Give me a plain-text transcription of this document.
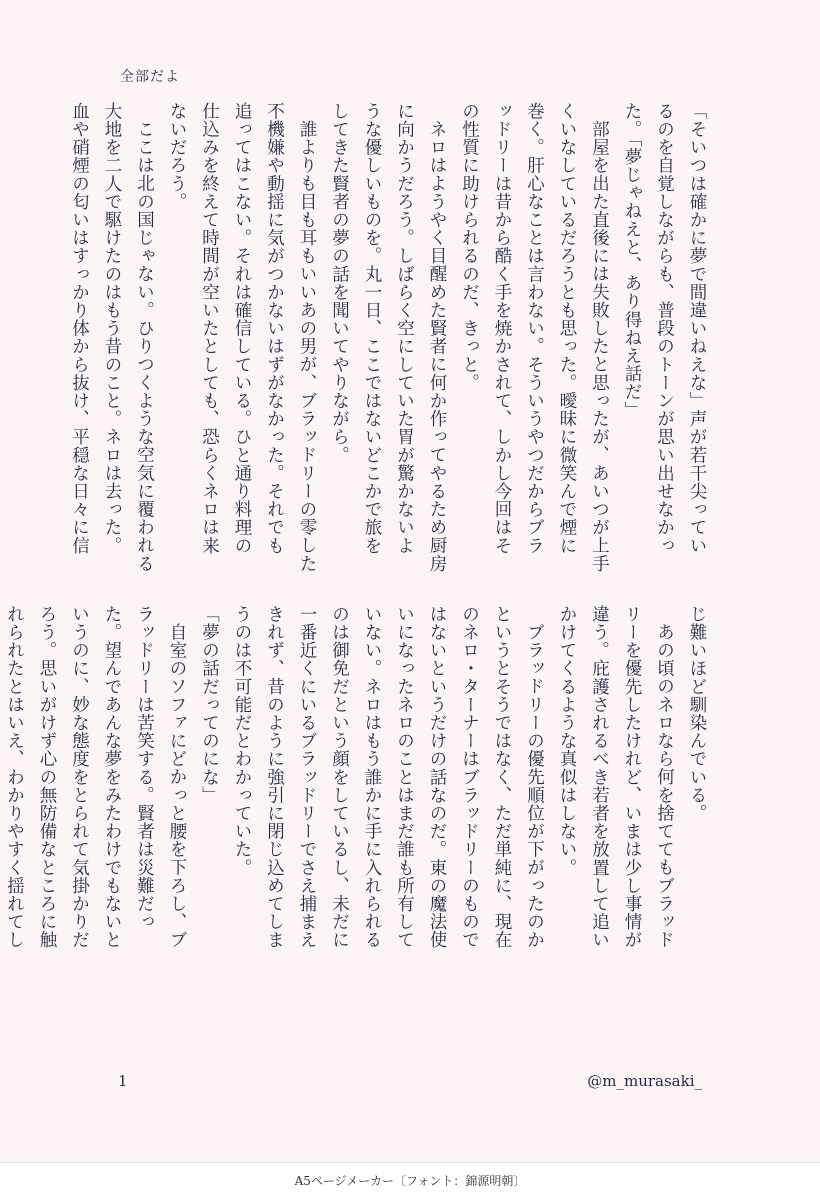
全部だよ

「そいつは確かに夢で間違いねえな」声が若干尖っているのを自覚しながらも、普段のトーンが思い出せなかった。「夢じゃねえと、あり得ねえ話だ」

部屋を出た直後には失敗したと思ったが、あいつが上手くいなしているだろうとも思った。曖昧に微笑んで煙に巻く。肝心なことは言わない。そういうやつだからブラッドリーは昔から酷く手を焼かされて、しかし今回はその性質に助けられるのだ、きっと。

ネロはようやく目醒めた賢者に何か作ってやるため厨房に向かうだろう。しばらく空にしていた胃が驚かないような優しいものを。丸一日、ここではないどこかで旅をしてきた賢者の夢の話を聞いてやりながら。

誰よりも目も耳もいいあの男が、ブラッドリーの零した不機嫌や動揺に気がつかないはずがなかった。それでも追ってはこない。それは確信している。ひと通り料理の仕込みを終えて時間が空いたとしても、恐らくネロは来ないだろう。

ここは北の国じゃない。ひりつくような空気に覆われる大地を二人で駆けたのはもう昔のこと。ネロは去った。血や硝煙の匂いはすっかり体から抜け、平穏な日々に信

じ難いほど馴染んでいる。

あの頃のネロなら何を捨ててもブラッドリーを優先したけれど、いまは少し事情が違う。庇護されるべき若者を放置して追いかけてくるような真似はしない。

ブラッドリーの優先順位が下がったのかというとそうではなく、ただ単純に、現在のネロ・ターナーはブラッドリーのものではないというだけの話なのだ。東の魔法使いになったネロのことはまだ誰も所有していない。ネロはもう誰かに手に入れられるのは御免だという顔をしているし、未だに一番近くにいるブラッドリーでさえ捕まえきれず、昔のように強引に閉じ込めてしまうのは不可能だとわかっていた。

「夢の話だってのにな」

自室のソファにどかっと腰を下ろし、ブラッドリーは苦笑する。賢者は災難だった。望んであんな夢をみたわけでもないというのに、妙な態度をとられて気掛かりだろう。思いがけず心の無防備なところに触れられたとはいえ、わかりやすく揺れてし

1	@m_murasaki_
A5ページメーカー〔フォント：錦源明朝〕
